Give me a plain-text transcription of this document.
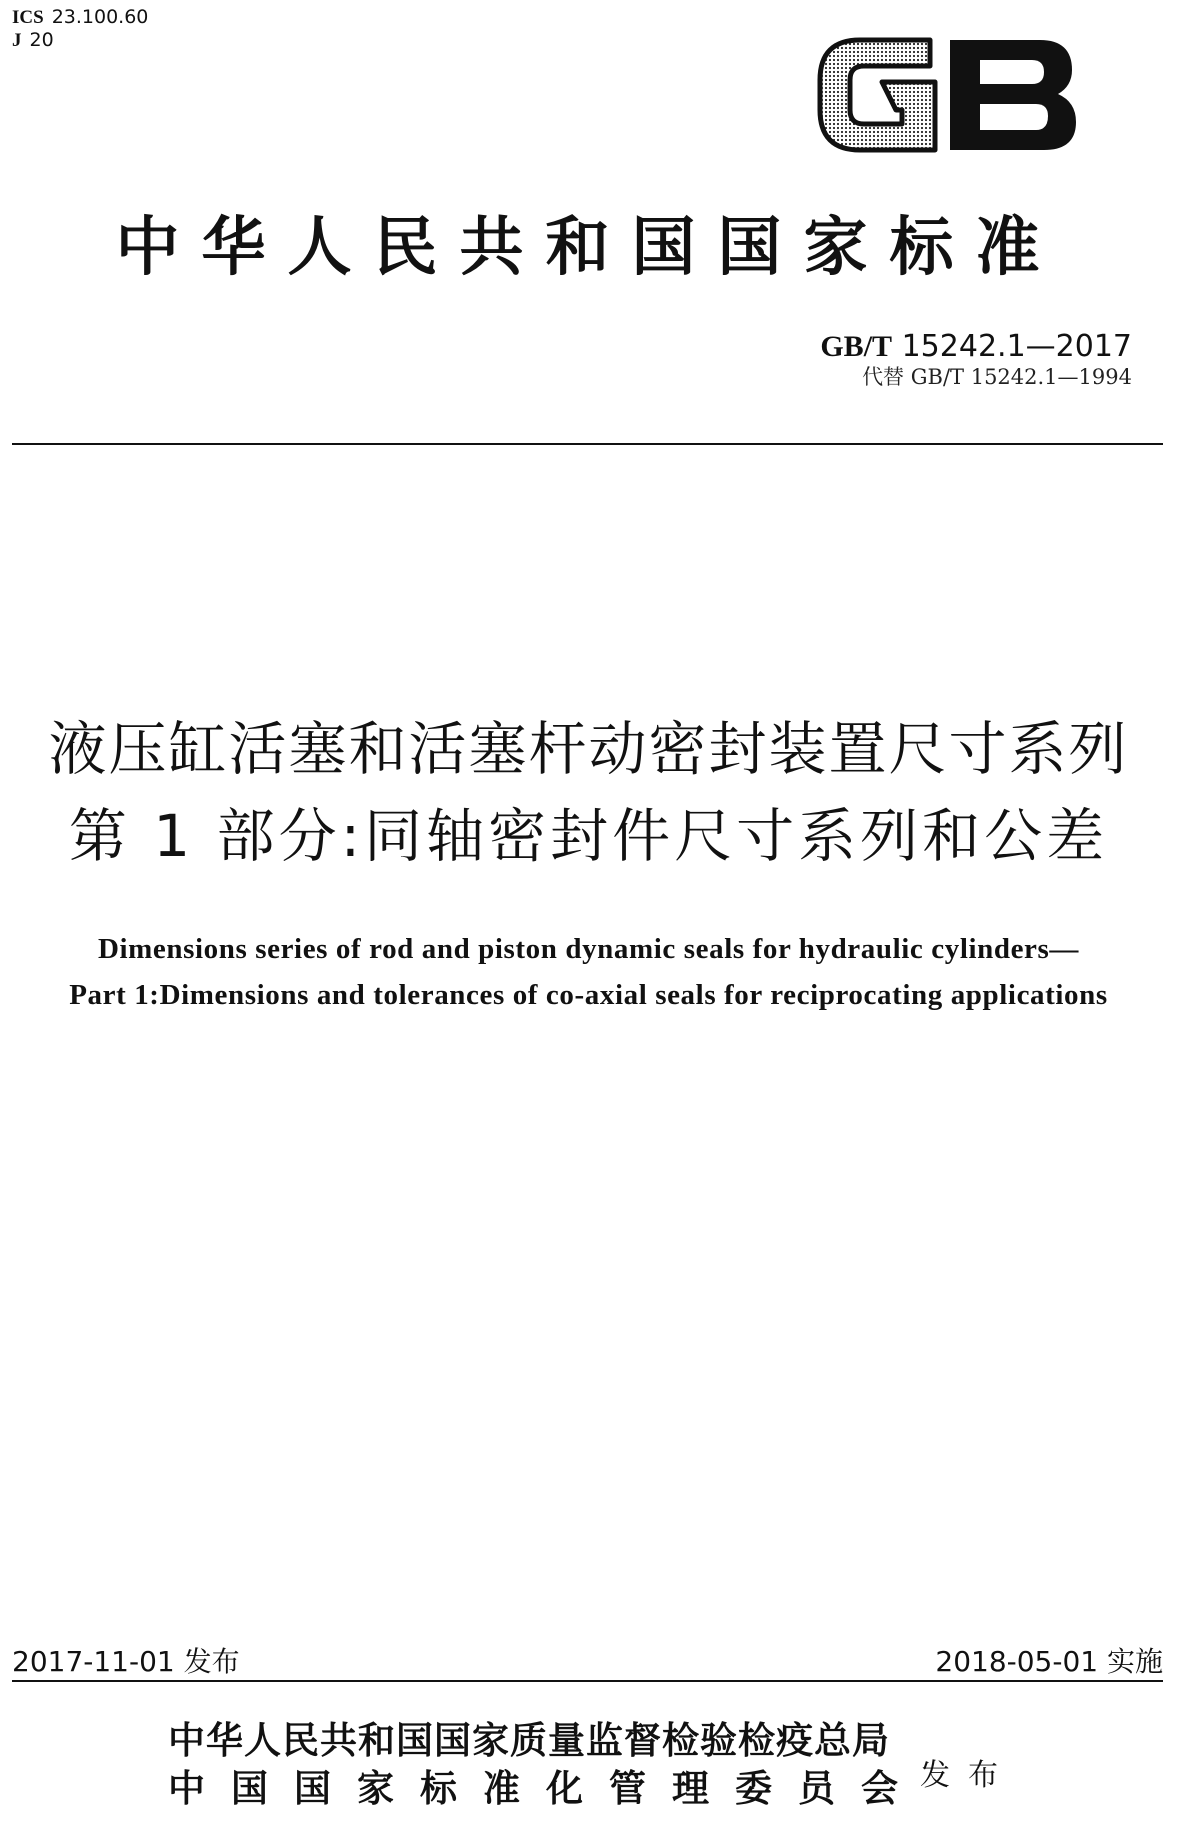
ICS 23.100.60
J 20
中华人民共和国国家标准
GB/T 15242.1—2017
代替 GB/T 15242.1—1994
液压缸活塞和活塞杆动密封装置尺寸系列
第 1 部分:同轴密封件尺寸系列和公差
Dimensions series of rod and piston dynamic seals for hydraulic cylinders—
Part 1:Dimensions and tolerances of co-axial seals for reciprocating applications
2017-11-01 发布	2018-05-01 实施
中华人民共和国国家质量监督检验检疫总局
中国国家标准化管理委员会
发布
